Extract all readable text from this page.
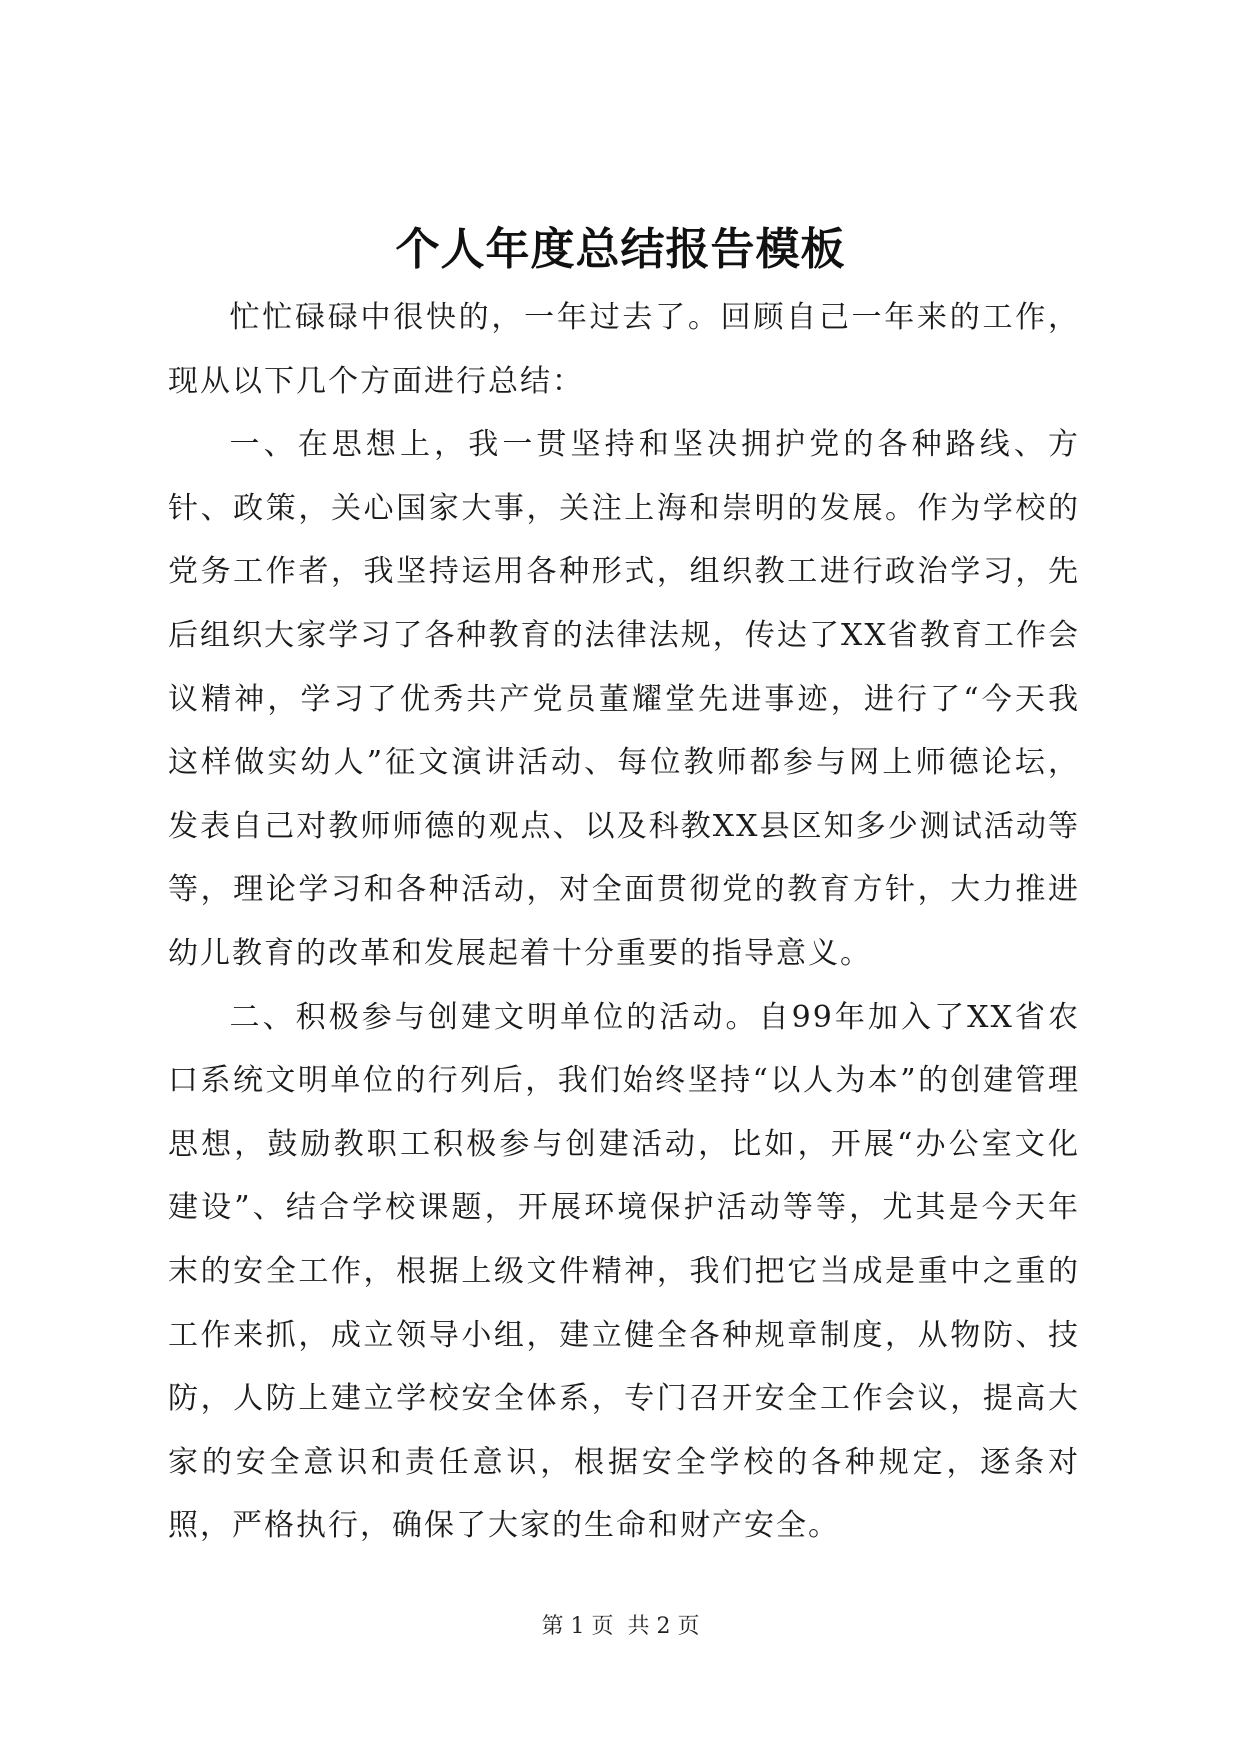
个人年度总结报告模板

忙忙碌碌中很快的，一年过去了。回顾自己一年来的工作，现从以下几个方面进行总结：

一、在思想上，我一贯坚持和坚决拥护党的各种路线、方针、政策，关心国家大事，关注上海和崇明的发展。作为学校的党务工作者，我坚持运用各种形式，组织教工进行政治学习，先后组织大家学习了各种教育的法律法规，传达了XX省教育工作会议精神，学习了优秀共产党员董耀堂先进事迹，进行了“今天我这样做实幼人”征文演讲活动、每位教师都参与网上师德论坛，发表自己对教师师德的观点、以及科教XX县区知多少测试活动等等，理论学习和各种活动，对全面贯彻党的教育方针，大力推进幼儿教育的改革和发展起着十分重要的指导意义。

二、积极参与创建文明单位的活动。自99年加入了XX省农口系统文明单位的行列后，我们始终坚持“以人为本”的创建管理思想，鼓励教职工积极参与创建活动，比如，开展“办公室文化建设”、结合学校课题，开展环境保护活动等等，尤其是今天年末的安全工作，根据上级文件精神，我们把它当成是重中之重的工作来抓，成立领导小组，建立健全各种规章制度，从物防、技防，人防上建立学校安全体系，专门召开安全工作会议，提高大家的安全意识和责任意识，根据安全学校的各种规定，逐条对照，严格执行，确保了大家的生命和财产安全。

第 1 页  共 2 页
